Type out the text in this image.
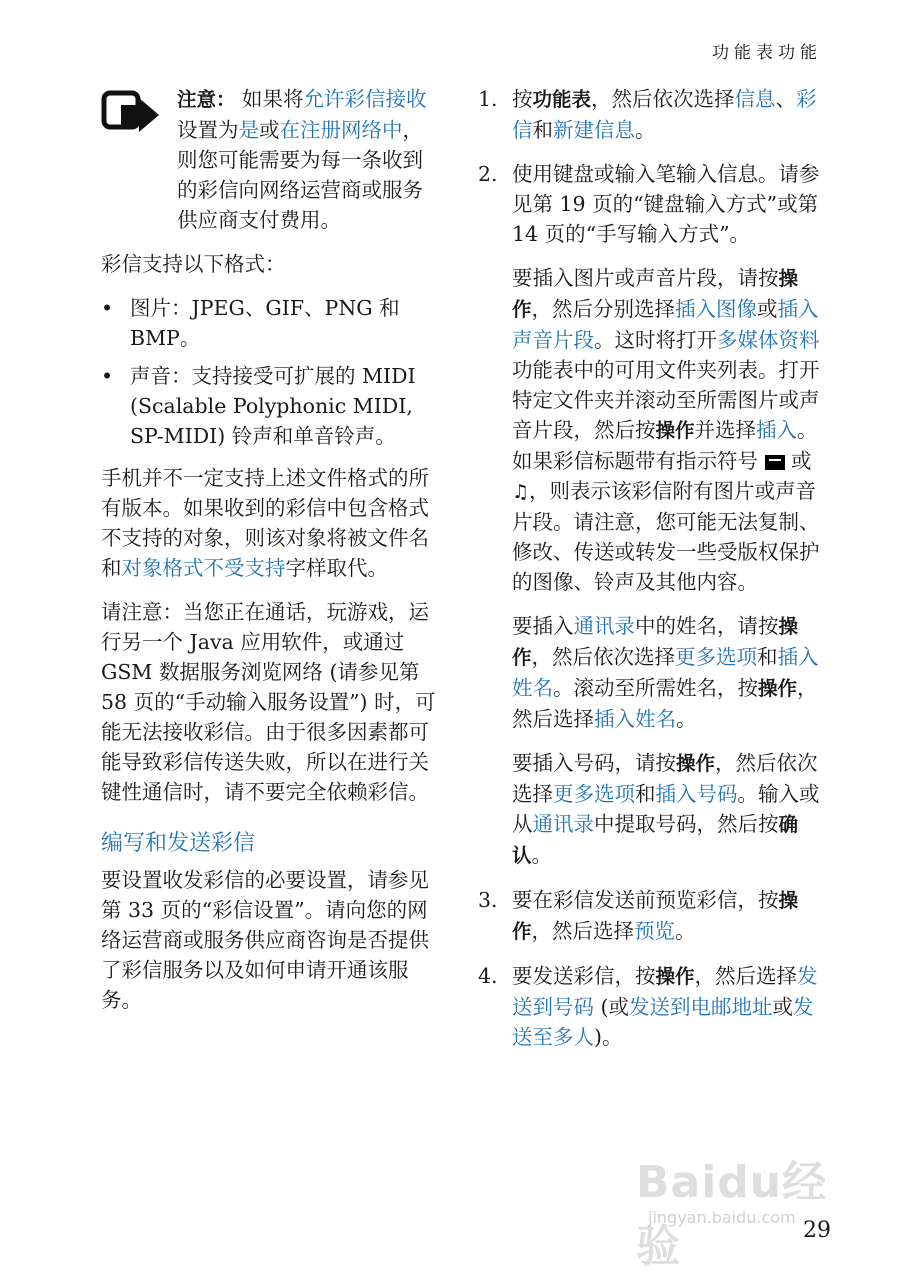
功能表功能

注意： 如果将允许彩信接收设置为是或在注册网络中，则您可能需要为每一条收到的彩信向网络运营商或服务供应商支付费用。

彩信支持以下格式：

• 图片：JPEG、GIF、PNG 和 BMP。
• 声音：支持接受可扩展的 MIDI (Scalable Polyphonic MIDI, SP-MIDI) 铃声和单音铃声。

手机并不一定支持上述文件格式的所有版本。如果收到的彩信中包含格式不支持的对象，则该对象将被文件名和对象格式不受支持字样取代。

请注意：当您正在通话，玩游戏，运行另一个 Java 应用软件，或通过 GSM 数据服务浏览网络 (请参见第 58 页的“手动输入服务设置”) 时，可能无法接收彩信。由于很多因素都可能导致彩信传送失败，所以在进行关键性通信时，请不要完全依赖彩信。

编写和发送彩信

要设置收发彩信的必要设置，请参见第 33 页的“彩信设置”。请向您的网络运营商或服务供应商咨询是否提供了彩信服务以及如何申请开通该服务。

1. 按功能表，然后依次选择信息、彩信和新建信息。

2. 使用键盘或输入笔输入信息。请参见第 19 页的“键盘输入方式”或第 14 页的“手写输入方式”。

要插入图片或声音片段，请按操作，然后分别选择插入图像或插入声音片段。这时将打开多媒体资料功能表中的可用文件夹列表。打开特定文件夹并滚动至所需图片或声音片段，然后按操作并选择插入。如果彩信标题带有指示符号  或 ♫，则表示该彩信附有图片或声音片段。请注意，您可能无法复制、修改、传送或转发一些受版权保护的图像、铃声及其他内容。

要插入通讯录中的姓名，请按操作，然后依次选择更多选项和插入姓名。滚动至所需姓名，按操作，然后选择插入姓名。

要插入号码，请按操作，然后依次选择更多选项和插入号码。输入或从通讯录中提取号码，然后按确认。

3. 要在彩信发送前预览彩信，按操作，然后选择预览。

4. 要发送彩信，按操作，然后选择发送到号码 (或发送到电邮地址或发送至多人)。

Baidu经验
jingyan.baidu.com
29
